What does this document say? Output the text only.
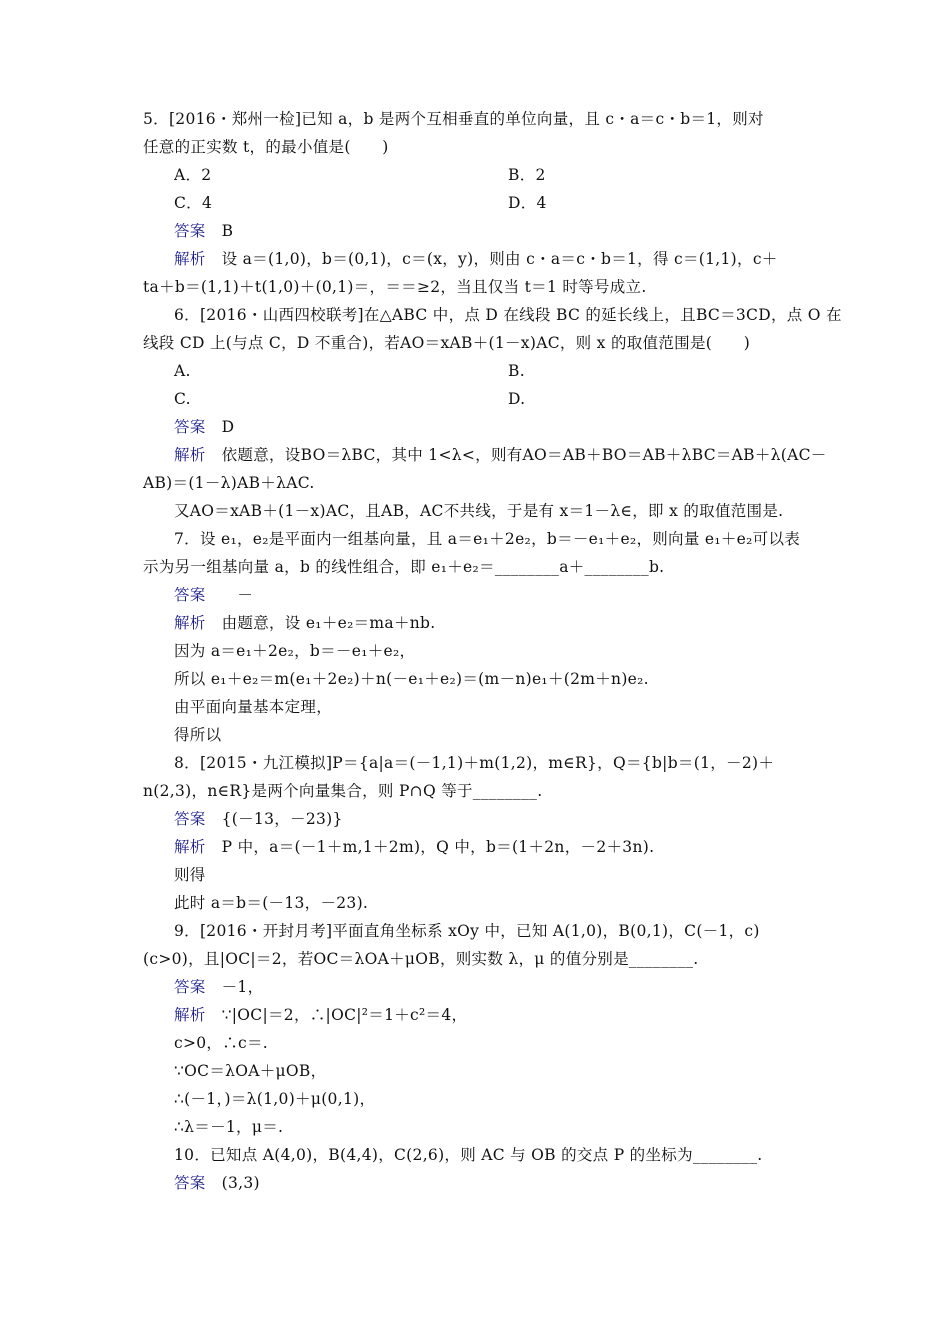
5．[2016・郑州一检]已知 a，b 是两个互相垂直的单位向量，且 c・a＝c・b＝1，则对
任意的正实数 t，的最小值是(　　)
A．2	B．2
C．4	D．4
答案 B
解析 设 a＝(1,0)，b＝(0,1)，c＝(x，y)，则由 c・a＝c・b＝1，得 c＝(1,1)，c＋
ta＋b＝(1,1)＋t(1,0)＋(0,1)＝，＝＝≥2，当且仅当 t＝1 时等号成立.
6．[2016・山西四校联考]在△ABC 中，点 D 在线段 BC 的延长线上，且BC＝3CD，点 O 在
线段 CD 上(与点 C，D 不重合)，若AO＝xAB＋(1－x)AC，则 x 的取值范围是(　　)
A.	B.
C.	D.
答案 D
解析 依题意，设BO＝λBC，其中 1<λ<，则有AO＝AB＋BO＝AB＋λBC＝AB＋λ(AC－
AB)＝(1－λ)AB＋λAC.
又AO＝xAB＋(1－x)AC，且AB，AC不共线，于是有 x＝1－λ∈，即 x 的取值范围是.
7．设 e₁，e₂是平面内一组基向量，且 a＝e₁＋2e₂，b＝－e₁＋e₂，则向量 e₁＋e₂可以表
示为另一组基向量 a，b 的线性组合，即 e₁＋e₂＝________a＋________b.
答案　－
解析 由题意，设 e₁＋e₂＝ma＋nb.
因为 a＝e₁＋2e₂，b＝－e₁＋e₂，
所以 e₁＋e₂＝m(e₁＋2e₂)＋n(－e₁＋e₂)＝(m－n)e₁＋(2m＋n)e₂.
由平面向量基本定理，
得所以
8．[2015・九江模拟]P＝{a|a＝(－1,1)＋m(1,2)，m∈R}，Q＝{b|b＝(1，－2)＋
n(2,3)，n∈R}是两个向量集合，则 P∩Q 等于________.
答案 {(－13，－23)}
解析 P 中，a＝(－1＋m,1＋2m)，Q 中，b＝(1＋2n，－2＋3n).
则得
此时 a＝b＝(－13，－23).
9．[2016・开封月考]平面直角坐标系 xOy 中，已知 A(1,0)，B(0,1)，C(－1，c)
(c>0)，且|OC|＝2，若OC＝λOA＋μOB，则实数 λ，μ 的值分别是________.
答案 －1，
解析 ∵|OC|＝2，∴|OC|²＝1＋c²＝4，
c>0，∴c＝.
∵OC＝λOA＋μOB，
∴(－1，)＝λ(1,0)＋μ(0,1)，
∴λ＝－1，μ＝.
10．已知点 A(4,0)，B(4,4)，C(2,6)，则 AC 与 OB 的交点 P 的坐标为________.
答案 (3,3)
